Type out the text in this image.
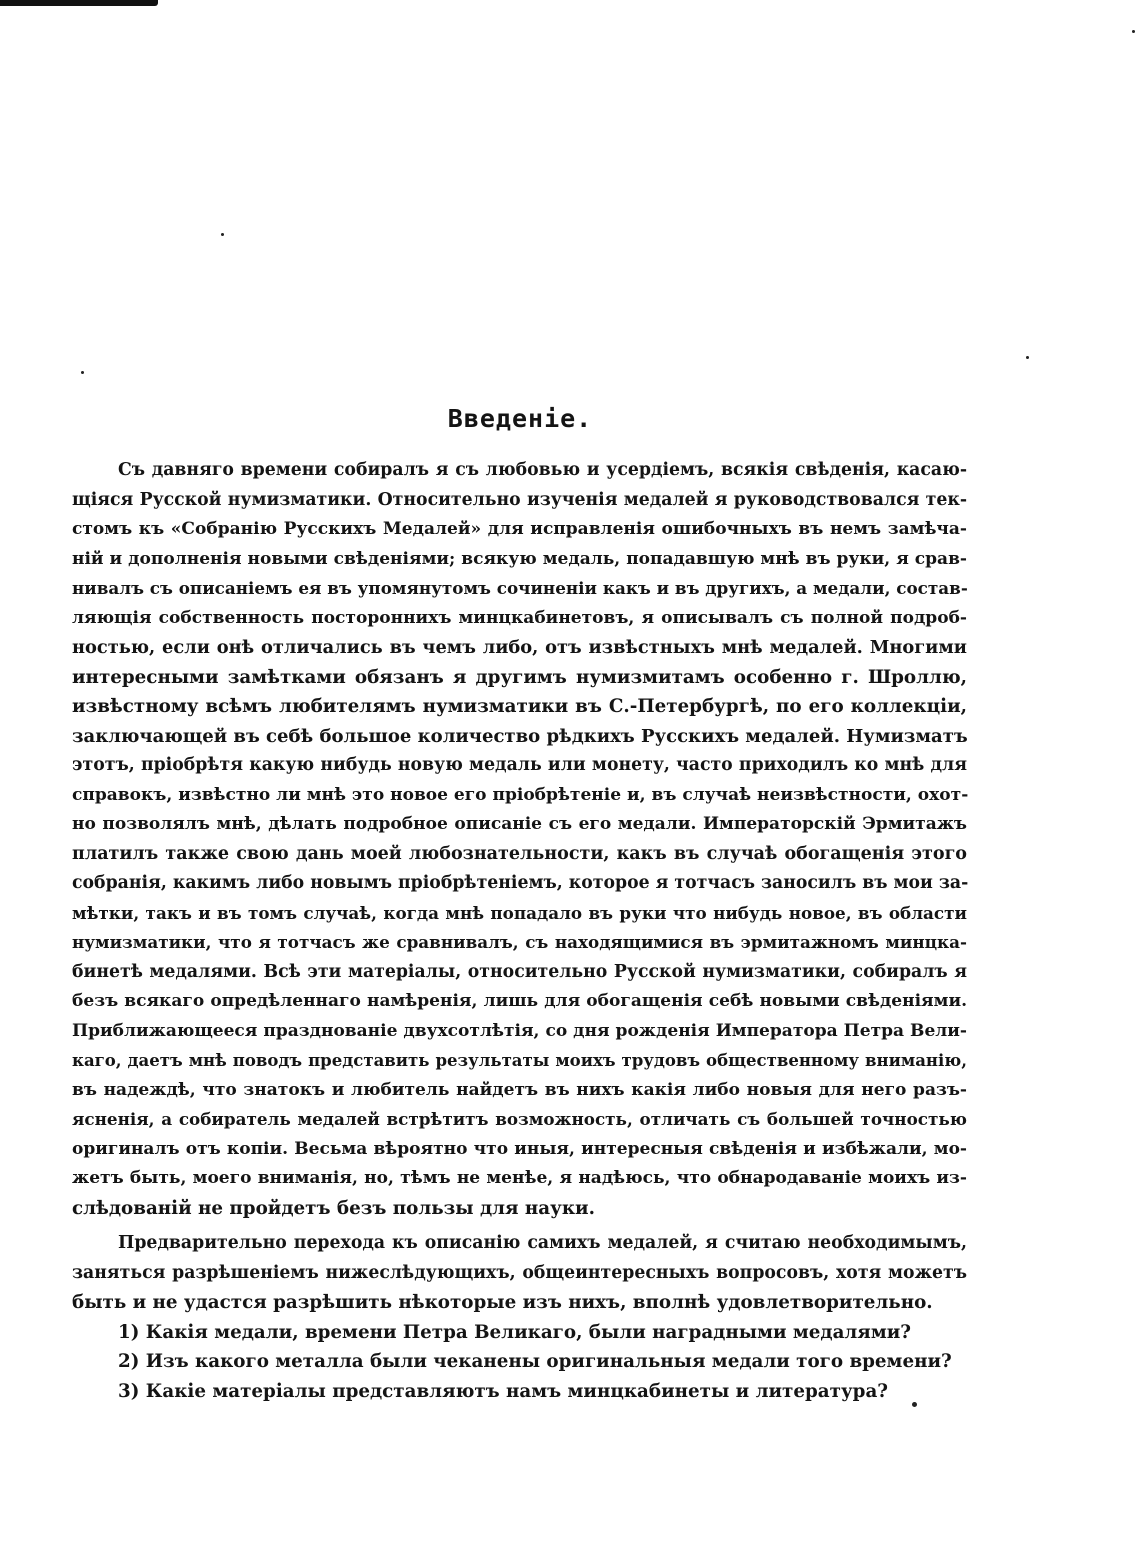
Введеніе.
Съ давняго времени собиралъ я съ любовью и усердіемъ, всякія свѣденія, касаю-
щіяся Русской нумизматики. Относительно изученія медалей я руководствовался тек-
стомъ къ «Собранію Русскихъ Медалей» для исправленія ошибочныхъ въ немъ замѣча-
ній и дополненія новыми свѣденіями; всякую медаль, попадавшую мнѣ въ руки, я срав-
нивалъ съ описаніемъ ея въ упомянутомъ сочиненіи какъ и въ другихъ, а медали, состав-
ляющія собственность постороннихъ минцкабинетовъ, я описывалъ съ полной подроб-
ностью, если онѣ отличались въ чемъ либо, отъ извѣстныхъ мнѣ медалей. Многими
интересными замѣтками обязанъ я другимъ нумизмитамъ особенно г. Шроллю,
извѣстному всѣмъ любителямъ нумизматики въ С.-Петербургѣ, по его коллекціи,
заключающей въ себѣ большое количество рѣдкихъ Русскихъ медалей. Нумизматъ
этотъ, пріобрѣтя какую нибудь новую медаль или монету, часто приходилъ ко мнѣ для
справокъ, извѣстно ли мнѣ это новое его пріобрѣтеніе и, въ случаѣ неизвѣстности, охот-
но позволялъ мнѣ, дѣлать подробное описаніе съ его медали. Императорскій Эрмитажъ
платилъ также свою дань моей любознательности, какъ въ случаѣ обогащенія этого
собранія, какимъ либо новымъ пріобрѣтеніемъ, которое я тотчасъ заносилъ въ мои за-
мѣтки, такъ и въ томъ случаѣ, когда мнѣ попадало въ руки что нибудь новое, въ области
нумизматики, что я тотчасъ же сравнивалъ, съ находящимися въ эрмитажномъ минцка-
бинетѣ медалями. Всѣ эти матеріалы, относительно Русской нумизматики, собиралъ я
безъ всякаго опредѣленнаго намѣренія, лишь для обогащенія себѣ новыми свѣденіями.
Приближающееся празднованіе двухсотлѣтія, со дня рожденія Императора Петра Вели-
каго, даетъ мнѣ поводъ представить результаты моихъ трудовъ общественному вниманію,
въ надеждѣ, что знатокъ и любитель найдетъ въ нихъ какія либо новыя для него разъ-
ясненія, а собиратель медалей встрѣтитъ возможность, отличать съ большей точностью
оригиналъ отъ копіи. Весьма вѣроятно что иныя, интересныя свѣденія и избѣжали, мо-
жетъ быть, моего вниманія, но, тѣмъ не менѣе, я надѣюсь, что обнародаваніе моихъ из-
слѣдованій не пройдетъ безъ пользы для науки.
Предварительно перехода къ описанію самихъ медалей, я считаю необходимымъ,
заняться разрѣшеніемъ нижеслѣдующихъ, общеинтересныхъ вопросовъ, хотя можетъ
быть и не удастся разрѣшить нѣкоторые изъ нихъ, вполнѣ удовлетворительно.
1) Какія медали, времени Петра Великаго, были наградными медалями?
2) Изъ какого металла были чеканены оригинальныя медали того времени?
3) Какіе матеріалы представляютъ намъ минцкабинеты и литература?
